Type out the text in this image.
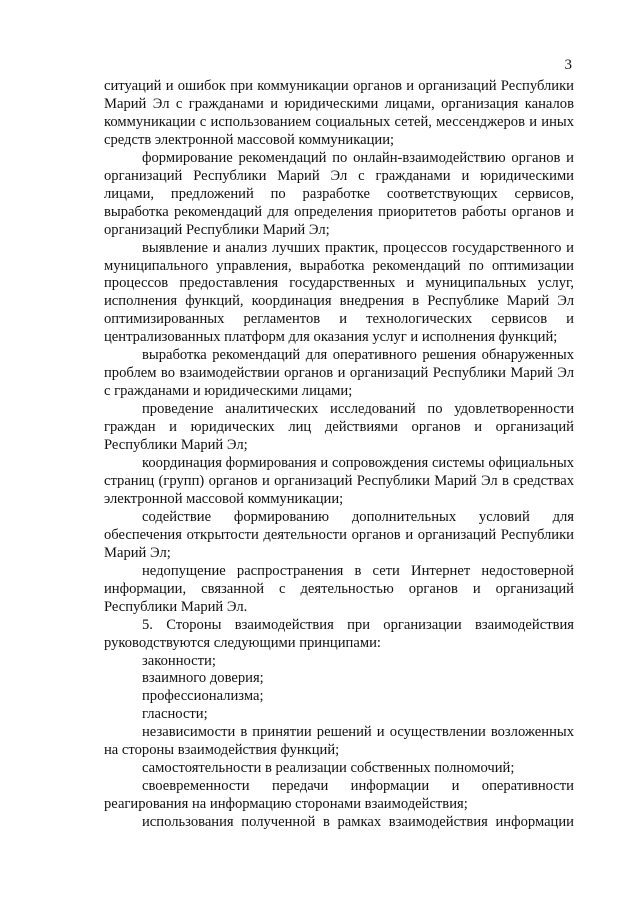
3

ситуаций и ошибок при коммуникации органов и организаций Республики Марий Эл с гражданами и юридическими лицами, организация каналов коммуникации с использованием социальных сетей, мессенджеров и иных средств электронной массовой коммуникации;

формирование рекомендаций по онлайн-взаимодействию органов и организаций Республики Марий Эл с гражданами и юридическими лицами, предложений по разработке соответствующих сервисов, выработка рекомендаций для определения приоритетов работы органов и организаций Республики Марий Эл;

выявление и анализ лучших практик, процессов государственного и муниципального управления, выработка рекомендаций по оптимизации процессов предоставления государственных и муниципальных услуг, исполнения функций, координация внедрения в Республике Марий Эл оптимизированных регламентов и технологических сервисов и централизованных платформ для оказания услуг и исполнения функций;

выработка рекомендаций для оперативного решения обнаруженных проблем во взаимодействии органов и организаций Республики Марий Эл с гражданами и юридическими лицами;

проведение аналитических исследований по удовлетворенности граждан и юридических лиц действиями органов и организаций Республики Марий Эл;

координация формирования и сопровождения системы официальных страниц (групп) органов и организаций Республики Марий Эл в средствах электронной массовой коммуникации;

содействие формированию дополнительных условий для обеспечения открытости деятельности органов и организаций Республики Марий Эл;

недопущение распространения в сети Интернет недостоверной информации, связанной с деятельностью органов и организаций Республики Марий Эл.

5. Стороны взаимодействия при организации взаимодействия руководствуются следующими принципами:

законности;

взаимного доверия;

профессионализма;

гласности;

независимости в принятии решений и осуществлении возложенных на стороны взаимодействия функций;

самостоятельности в реализации собственных полномочий;

своевременности передачи информации и оперативности реагирования на информацию сторонами взаимодействия;

использования полученной в рамках взаимодействия информации
